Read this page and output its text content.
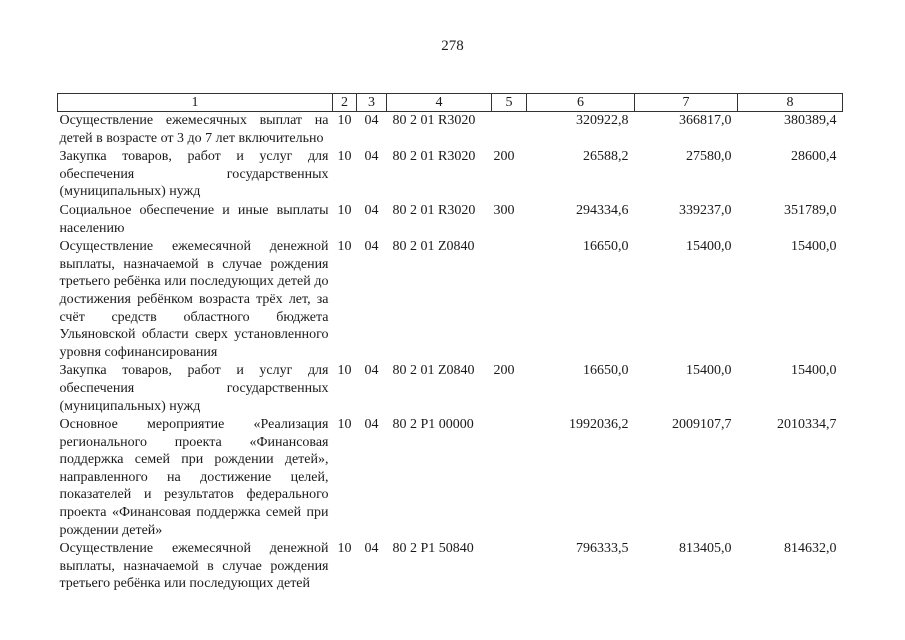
278
1	2	3	4	5	6	7	8
Осуществление ежемесячных выплат на детей в возрасте от 3 до 7 лет включительно	10	04	80 2 01 R3020		320922,8	366817,0	380389,4
Закупка товаров, работ и услуг для обеспечения государственных (муниципальных) нужд	10	04	80 2 01 R3020	200	26588,2	27580,0	28600,4
Социальное обеспечение и иные выплаты населению	10	04	80 2 01 R3020	300	294334,6	339237,0	351789,0
Осуществление ежемесячной денежной выплаты, назначаемой в случае рождения третьего ребёнка или последующих детей до достижения ребёнком возраста трёх лет, за счёт средств областного бюджета Ульяновской области сверх установленного уровня софинансирования	10	04	80 2 01 Z0840		16650,0	15400,0	15400,0
Закупка товаров, работ и услуг для обеспечения государственных (муниципальных) нужд	10	04	80 2 01 Z0840	200	16650,0	15400,0	15400,0
Основное мероприятие «Реализация регионального проекта «Финансовая поддержка семей при рождении детей», направленного на достижение целей, показателей и результатов федерального проекта «Финансовая поддержка семей при рождении детей»	10	04	80 2 P1 00000		1992036,2	2009107,7	2010334,7
Осуществление ежемесячной денежной выплаты, назначаемой в случае рождения третьего ребёнка или последующих детей	10	04	80 2 P1 50840		796333,5	813405,0	814632,0
